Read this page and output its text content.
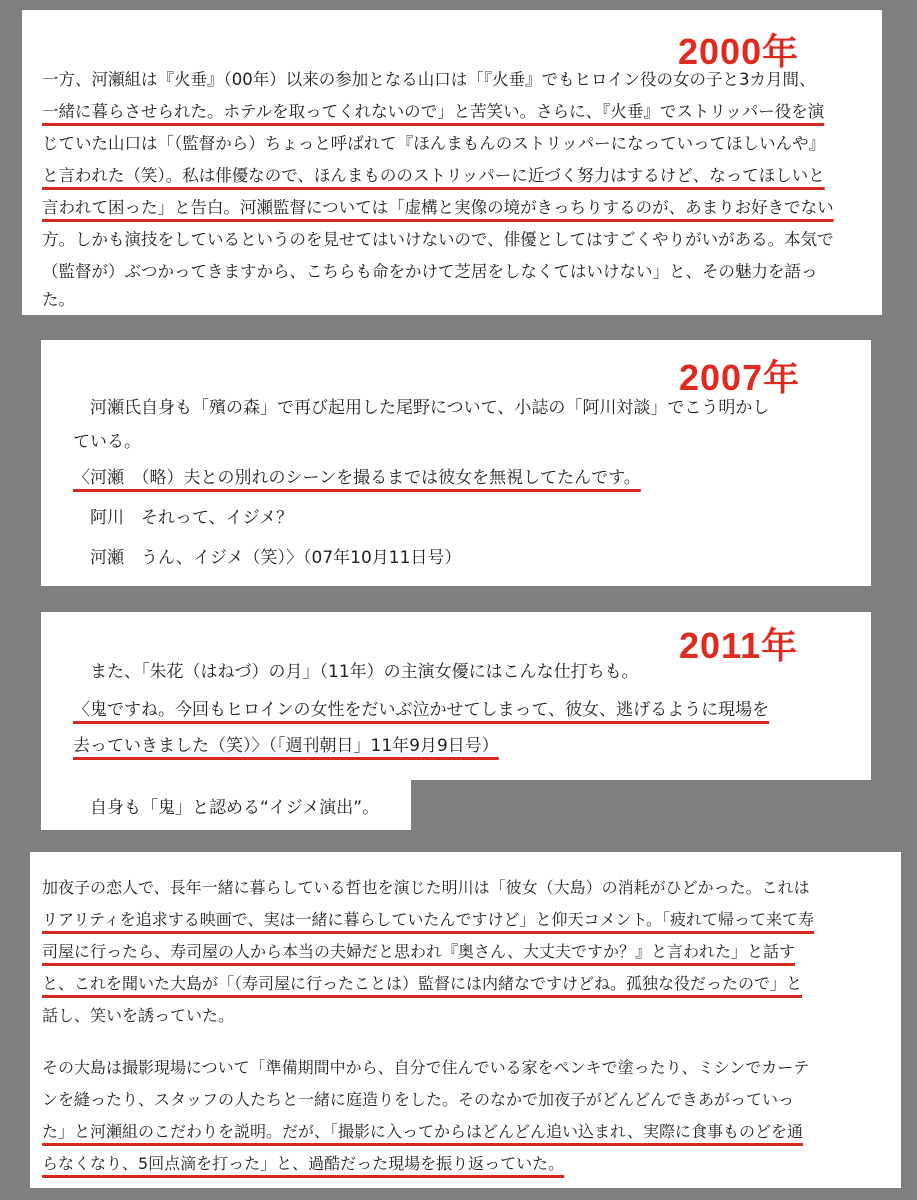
2000年
一方、河瀬組は『火垂』（00年）以来の参加となる山口は「『火垂』でもヒロイン役の女の子と3カ月間、
一緒に暮らさせられた。ホテルを取ってくれないので」と苦笑い。さらに、『火垂』でストリッパー役を演
じていた山口は「（監督から）ちょっと呼ばれて『ほんまもんのストリッパーになっていってほしいんや』
と言われた（笑）。私は俳優なので、ほんまもののストリッパーに近づく努力はするけど、なってほしいと
言われて困った」と告白。河瀬監督については「虚構と実像の境がきっちりするのが、あまりお好きでない
方。しかも演技をしているというのを見せてはいけないので、俳優としてはすごくやりがいがある。本気で
（監督が）ぶつかってきますから、こちらも命をかけて芝居をしなくてはいけない」と、その魅力を語っ
た。
2007年
　河瀬氏自身も「殯の森」で再び起用した尾野について、小誌の「阿川対談」でこう明かし
ている。
〈河瀬　（略）夫との別れのシーンを撮るまでは彼女を無視してたんです。
　阿川　それって、イジメ？
　河瀬　うん、イジメ（笑）〉（07年10月11日号）
2011年
　また、「朱花（はねづ）の月」（11年）の主演女優にはこんな仕打ちも。
〈鬼ですね。今回もヒロインの女性をだいぶ泣かせてしまって、彼女、逃げるように現場を
去っていきました（笑）〉（「週刊朝日」11年9月9日号）
　自身も「鬼」と認める“イジメ演出”。
加夜子の恋人で、長年一緒に暮らしている哲也を演じた明川は「彼女（大島）の消耗がひどかった。これは
リアリティを追求する映画で、実は一緒に暮らしていたんですけど」と仰天コメント。「疲れて帰って来て寿
司屋に行ったら、寿司屋の人から本当の夫婦だと思われ『奥さん、大丈夫ですか？』と言われた」と話す
と、これを聞いた大島が「（寿司屋に行ったことは）監督には内緒なですけどね。孤独な役だったので」と
話し、笑いを誘っていた。
その大島は撮影現場について「準備期間中から、自分で住んでいる家をペンキで塗ったり、ミシンでカーテ
ンを縫ったり、スタッフの人たちと一緒に庭造りをした。そのなかで加夜子がどんどんできあがっていっ
た」と河瀬組のこだわりを説明。だが、「撮影に入ってからはどんどん追い込まれ、実際に食事ものどを通
らなくなり、5回点滴を打った」と、過酷だった現場を振り返っていた。
